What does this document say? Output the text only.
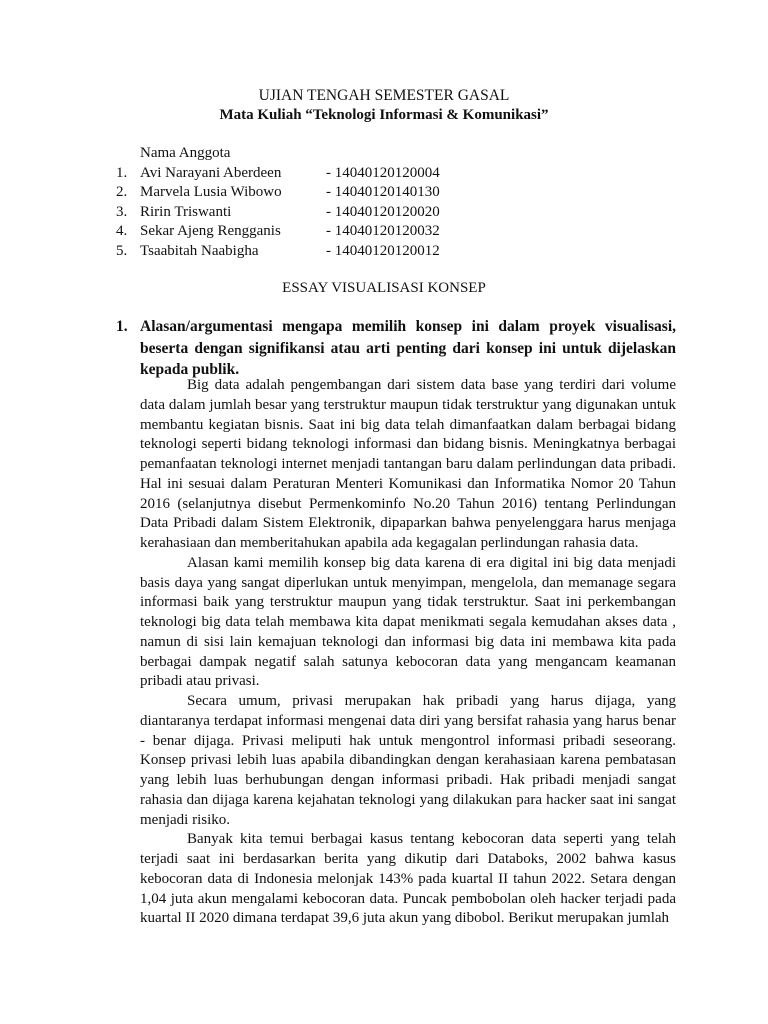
UJIAN TENGAH SEMESTER GASAL
Mata Kuliah “Teknologi Informasi & Komunikasi”
Nama Anggota
1. Avi Narayani Aberdeen	- 14040120120004
2. Marvela Lusia Wibowo	- 14040120140130
3. Ririn Triswanti	- 14040120120020
4. Sekar Ajeng Rengganis	- 14040120120032
5. Tsaabitah Naabigha	- 14040120120012
ESSAY VISUALISASI KONSEP
1. Alasan/argumentasi mengapa memilih konsep ini dalam proyek visualisasi, beserta dengan signifikansi atau arti penting dari konsep ini untuk dijelaskan kepada publik.

Big data adalah pengembangan dari sistem data base yang terdiri dari volume data dalam jumlah besar yang terstruktur maupun tidak terstruktur yang digunakan untuk membantu kegiatan bisnis. Saat ini big data telah dimanfaatkan dalam berbagai bidang teknologi seperti bidang teknologi informasi dan bidang bisnis. Meningkatnya berbagai pemanfaatan teknologi internet menjadi tantangan baru dalam perlindungan data pribadi. Hal ini sesuai dalam Peraturan Menteri Komunikasi dan Informatika Nomor 20 Tahun 2016 (selanjutnya disebut Permenkominfo No.20 Tahun 2016) tentang Perlindungan Data Pribadi dalam Sistem Elektronik, dipaparkan bahwa penyelenggara harus menjaga kerahasiaan dan memberitahukan apabila ada kegagalan perlindungan rahasia data.

Alasan kami memilih konsep big data karena di era digital ini big data menjadi basis daya yang sangat diperlukan untuk menyimpan, mengelola, dan memanage segara informasi baik yang terstruktur maupun yang tidak terstruktur. Saat ini perkembangan teknologi big data telah membawa kita dapat menikmati segala kemudahan akses data , namun di sisi lain kemajuan teknologi dan informasi big data ini membawa kita pada berbagai dampak negatif salah satunya kebocoran data yang mengancam keamanan pribadi atau privasi.

Secara umum, privasi merupakan hak pribadi yang harus dijaga, yang diantaranya terdapat informasi mengenai data diri yang bersifat rahasia yang harus benar - benar dijaga. Privasi meliputi hak untuk mengontrol informasi pribadi seseorang. Konsep privasi lebih luas apabila dibandingkan dengan kerahasiaan karena pembatasan yang lebih luas berhubungan dengan informasi pribadi. Hak pribadi menjadi sangat rahasia dan dijaga karena kejahatan teknologi yang dilakukan para hacker saat ini sangat menjadi risiko.

Banyak kita temui berbagai kasus tentang kebocoran data seperti yang telah terjadi saat ini berdasarkan berita yang dikutip dari Databoks, 2002 bahwa kasus kebocoran data di Indonesia melonjak 143% pada kuartal II tahun 2022. Setara dengan 1,04 juta akun mengalami kebocoran data. Puncak pembobolan oleh hacker terjadi pada kuartal II 2020 dimana terdapat 39,6 juta akun yang dibobol. Berikut merupakan jumlah
